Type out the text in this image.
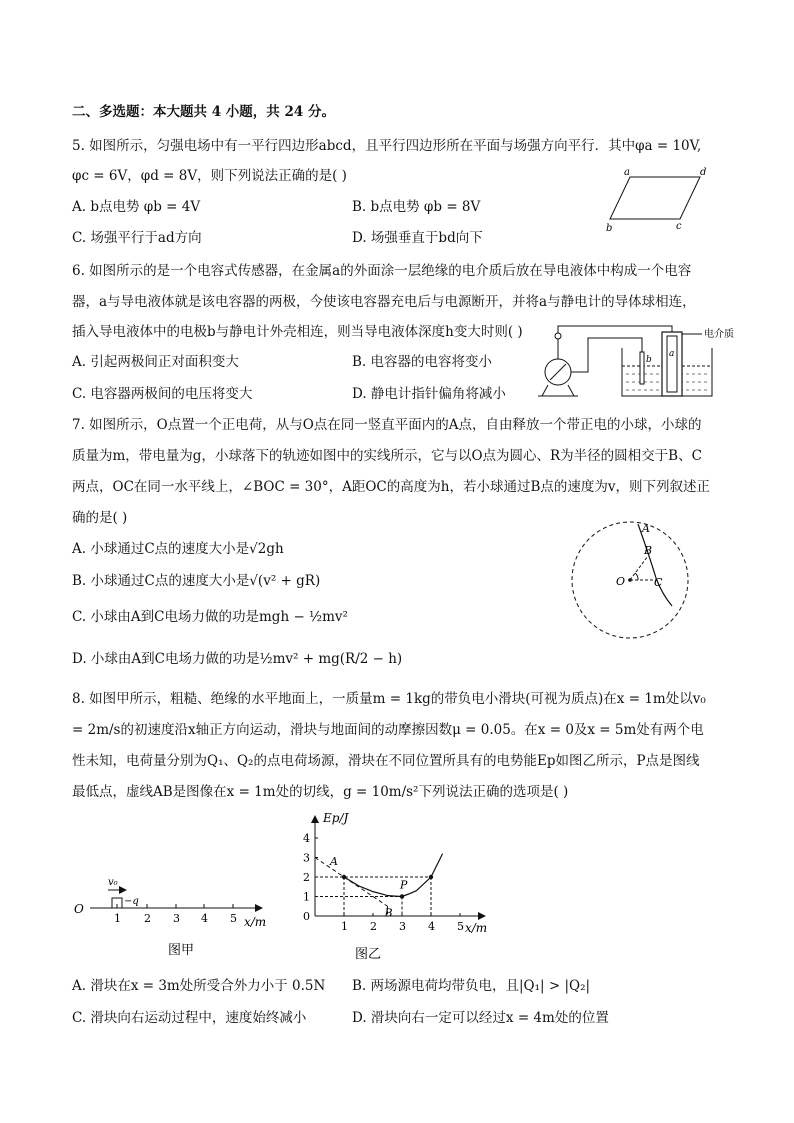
二、多选题：本大题共 4 小题，共 24 分。
5. 如图所示，匀强电场中有一平行四边形abcd，且平行四边形所在平面与场强方向平行．其中φa = 10V,
φc = 6V，φd = 8V，则下列说法正确的是( )
A. b点电势 φb = 4V	B. b点电势 φb = 8V
C. 场强平行于ad方向	D. 场强垂直于bd向下
a	d
b	c
6. 如图所示的是一个电容式传感器，在金属a的外面涂一层绝缘的电介质后放在导电液体中构成一个电容
器，a与导电液体就是该电容器的两极，今使该电容器充电后与电源断开，并将a与静电计的导体球相连，
插入导电液体中的电极b与静电计外壳相连，则当导电液体深度h变大时则( )
A. 引起两极间正对面积变大	B. 电容器的电容将变小
C. 电容器两极间的电压将变大	D. 静电计指针偏角将减小
b
a
电介质
7. 如图所示，O点置一个正电荷，从与O点在同一竖直平面内的A点，自由释放一个带正电的小球，小球的
质量为m，带电量为g，小球落下的轨迹如图中的实线所示，它与以O点为圆心、R为半径的圆相交于B、C
两点，OC在同一水平线上，∠BOC = 30°，A距OC的高度为h，若小球通过B点的速度为v，则下列叙述正
确的是( )
A. 小球通过C点的速度大小是√2gh
B. 小球通过C点的速度大小是√(v² + gR)
C. 小球由A到C电场力做的功是mgh − ½mv²
D. 小球由A到C电场力做的功是½mv² + mg(R/2 − h)
A
B
O	C
8. 如图甲所示，粗糙、绝缘的水平地面上，一质量m = 1kg的带负电小滑块(可视为质点)在x = 1m处以v₀
= 2m/s的初速度沿x轴正方向运动，滑块与地面间的动摩擦因数μ = 0.05。在x = 0及x = 5m处有两个电
性未知，电荷量分别为Q₁、Q₂的点电荷场源，滑块在不同位置所具有的电势能Ep如图乙所示，P点是图线
最低点，虚线AB是图像在x = 1m处的切线，g = 10m/s²下列说法正确的选项是( )
O
v₀
−q
1 2 3 4 5 x/m
图甲
Ep/J
x/m
0
1 2 3 4 5
1
2
3
4
A
B
P
图乙
A. 滑块在x = 3m处所受合外力小于 0.5N B. 两场源电荷均带负电，且|Q₁| > |Q₂|
C. 滑块向右运动过程中，速度始终减小	D. 滑块向右一定可以经过x = 4m处的位置
